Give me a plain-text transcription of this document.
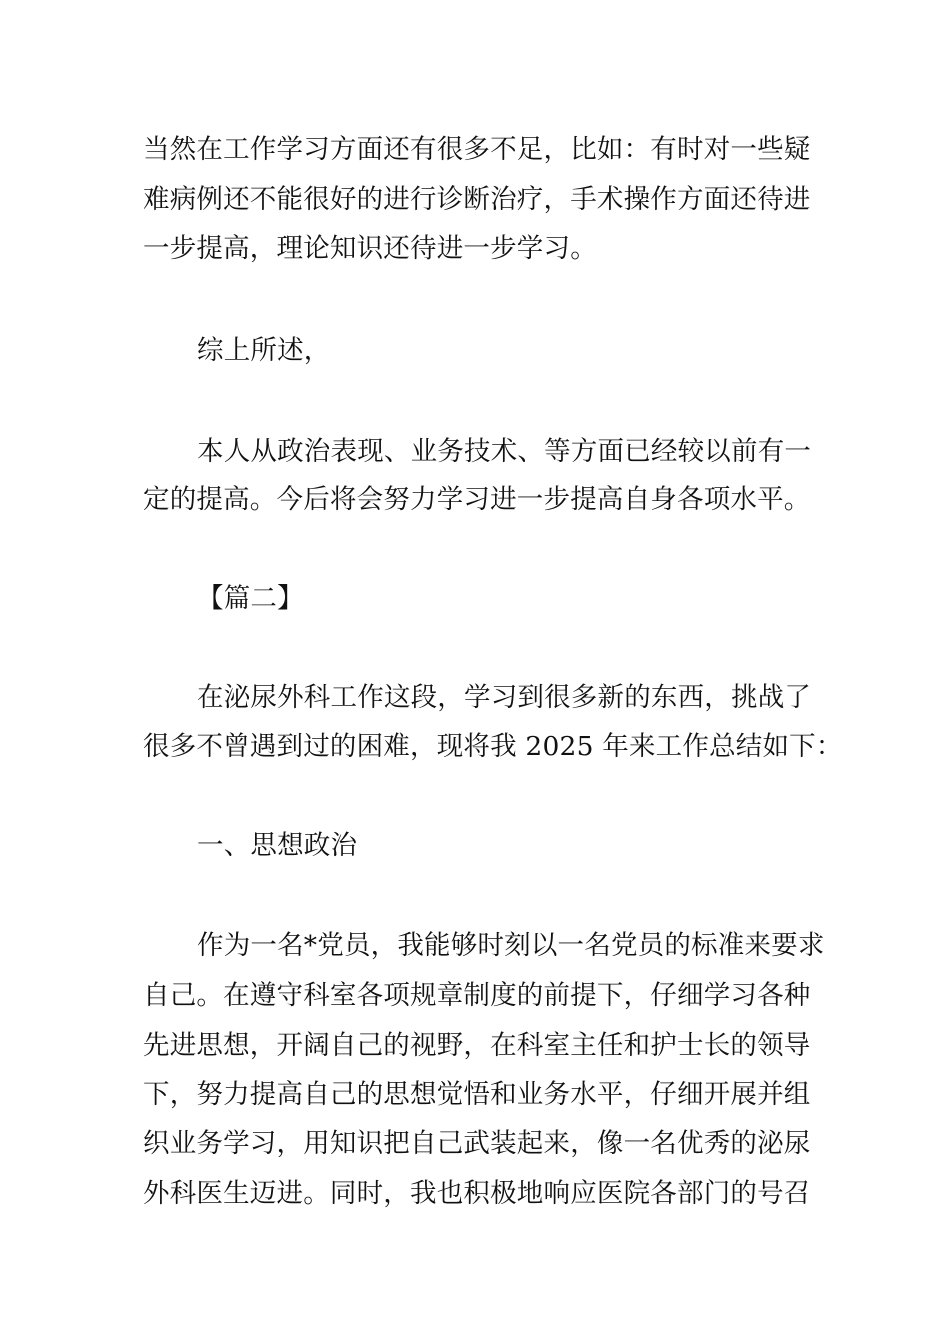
当然在工作学习方面还有很多不足，比如：有时对一些疑
难病例还不能很好的进行诊断治疗，手术操作方面还待进
一步提高，理论知识还待进一步学习。
综上所述，
本人从政治表现、业务技术、等方面已经较以前有一
定的提高。今后将会努力学习进一步提高自身各项水平。
【篇二】
在泌尿外科工作这段，学习到很多新的东西，挑战了
很多不曾遇到过的困难，现将我 2025 年来工作总结如下：
一、思想政治
作为一名*党员，我能够时刻以一名党员的标准来要求
自己。在遵守科室各项规章制度的前提下，仔细学习各种
先进思想，开阔自己的视野，在科室主任和护士长的领导
下，努力提高自己的思想觉悟和业务水平，仔细开展并组
织业务学习，用知识把自己武装起来，像一名优秀的泌尿
外科医生迈进。同时，我也积极地响应医院各部门的号召
